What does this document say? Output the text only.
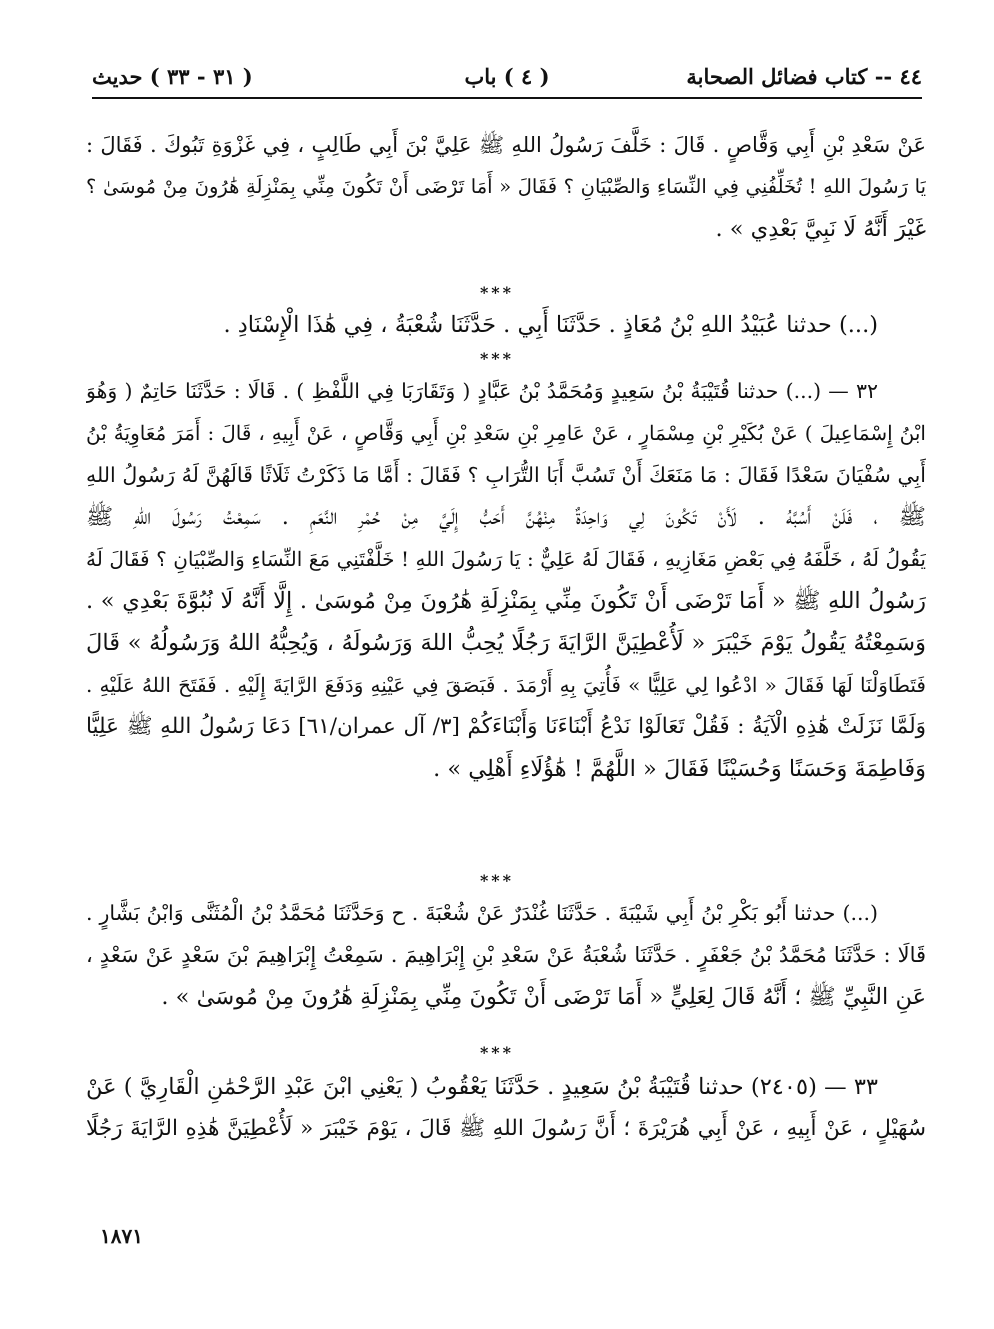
٤٤ -- كتاب فضائل الصحابة
( ٤ ) باب
( ٣١ - ٣٣ ) حديث
عَنْ سَعْدِ بْنِ أَبِي وَقَّاصٍ . قَالَ : خَلَّفَ رَسُولُ اللهِ ﷺ عَلِيَّ بْنَ أَبِي طَالِبٍ ، فِي غَزْوَةِ تَبُوكَ . فَقَالَ :
يَا رَسُولَ اللهِ ! تُخَلِّفُنِي فِي النِّسَاءِ وَالصِّبْيَانِ ؟ فَقَالَ « أَمَا تَرْضَى أَنْ تَكُونَ مِنِّي بِمَنْزِلَةِ هَٰرُونَ مِنْ مُوسَىٰ ؟
غَيْرَ أَنَّهُ لَا نَبِيَّ بَعْدِي » .
***
(...) حدثنا عُبَيْدُ اللهِ بْنُ مُعَاذٍ . حَدَّثَنَا أَبِي . حَدَّثَنَا شُعْبَةُ ، فِي هَٰذَا الْإِسْنَادِ .
***
٣٢ — (...) حدثنا قُتَيْبَةُ بْنُ سَعِيدٍ وَمُحَمَّدُ بْنُ عَبَّادٍ ( وَتَقَارَبَا فِي اللَّفْظِ ) . قَالَا : حَدَّثَنَا حَاتِمٌ ( وَهُوَ
ابْنُ إِسْمَاعِيلَ ) عَنْ بُكَيْرِ بْنِ مِسْمَارٍ ، عَنْ عَامِرِ بْنِ سَعْدِ بْنِ أَبِي وَقَّاصٍ ، عَنْ أَبِيهِ ، قَالَ : أَمَرَ مُعَاوِيَةُ بْنُ
أَبِي سُفْيَانَ سَعْدًا فَقَالَ : مَا مَنَعَكَ أَنْ تَسُبَّ أَبَا التُّرَابِ ؟ فَقَالَ : أَمَّا مَا ذَكَرْتُ ثَلَاثًا قَالَهُنَّ لَهُ رَسُولُ اللهِ
ﷺ ، فَلَنْ أَسُبَّهُ . لَأَنْ تَكُونَ لِي وَاحِدَةٌ مِنْهُنَّ أَحَبُّ إِلَيَّ مِنْ حُمْرِ النَّعَمِ . سَمِعْتُ رَسُولَ اللهِ ﷺ
يَقُولُ لَهُ ، خَلَّفَهُ فِي بَعْضِ مَغَازِيهِ ، فَقَالَ لَهُ عَلِيٌّ : يَا رَسُولَ اللهِ ! خَلَّفْتَنِي مَعَ النِّسَاءِ وَالصِّبْيَانِ ؟ فَقَالَ لَهُ
رَسُولُ اللهِ ﷺ « أَمَا تَرْضَى أَنْ تَكُونَ مِنِّي بِمَنْزِلَةِ هَٰرُونَ مِنْ مُوسَىٰ . إِلَّا أَنَّهُ لَا نُبُوَّةَ بَعْدِي » .
وَسَمِعْتُهُ يَقُولُ يَوْمَ خَيْبَرَ « لَأُعْطِيَنَّ الرَّايَةَ رَجُلًا يُحِبُّ اللهَ وَرَسُولَهُ ، وَيُحِبُّهُ اللهُ وَرَسُولُهُ » قَالَ
فَتَطَاوَلْنَا لَهَا فَقَالَ « ادْعُوا لِي عَلِيًّا » فَأُتِيَ بِهِ أَرْمَدَ . فَبَصَقَ فِي عَيْنِهِ وَدَفَعَ الرَّايَةَ إِلَيْهِ . فَفَتَحَ اللهُ عَلَيْهِ .
وَلَمَّا نَزَلَتْ هَٰذِهِ الْآيَةُ : فَقُلْ تَعَالَوْا نَدْعُ أَبْنَاءَنَا وَأَبْنَاءَكُمْ [٣/ آل عمران/٦١] دَعَا رَسُولُ اللهِ ﷺ عَلِيًّا
وَفَاطِمَةَ وَحَسَنًا وَحُسَيْنًا فَقَالَ « اللَّهُمَّ ! هَٰؤُلَاءِ أَهْلِي » .
***
(...) حدثنا أَبُو بَكْرِ بْنُ أَبِي شَيْبَةَ . حَدَّثَنَا غُنْدَرٌ عَنْ شُعْبَةَ . ح وَحَدَّثَنَا مُحَمَّدُ بْنُ الْمُثَنَّى وَابْنُ بَشَّارٍ .
قَالَا : حَدَّثَنَا مُحَمَّدُ بْنُ جَعْفَرٍ . حَدَّثَنَا شُعْبَةُ عَنْ سَعْدِ بْنِ إِبْرَاهِيمَ . سَمِعْتُ إِبْرَاهِيمَ بْنَ سَعْدٍ عَنْ سَعْدٍ ،
عَنِ النَّبِيِّ ﷺ ؛ أَنَّهُ قَالَ لِعَلِيٍّ « أَمَا تَرْضَى أَنْ تَكُونَ مِنِّي بِمَنْزِلَةِ هَٰرُونَ مِنْ مُوسَىٰ » .
***
٣٣ — (٢٤٠٥) حدثنا قُتَيْبَةُ بْنُ سَعِيدٍ . حَدَّثَنَا يَعْقُوبُ ( يَعْنِي ابْنَ عَبْدِ الرَّحْمَٰنِ الْقَارِيَّ ) عَنْ
سُهَيْلٍ ، عَنْ أَبِيهِ ، عَنْ أَبِي هُرَيْرَةَ ؛ أَنَّ رَسُولَ اللهِ ﷺ قَالَ ، يَوْمَ خَيْبَرَ « لَأُعْطِيَنَّ هَٰذِهِ الرَّايَةَ رَجُلًا
١٨٧١
